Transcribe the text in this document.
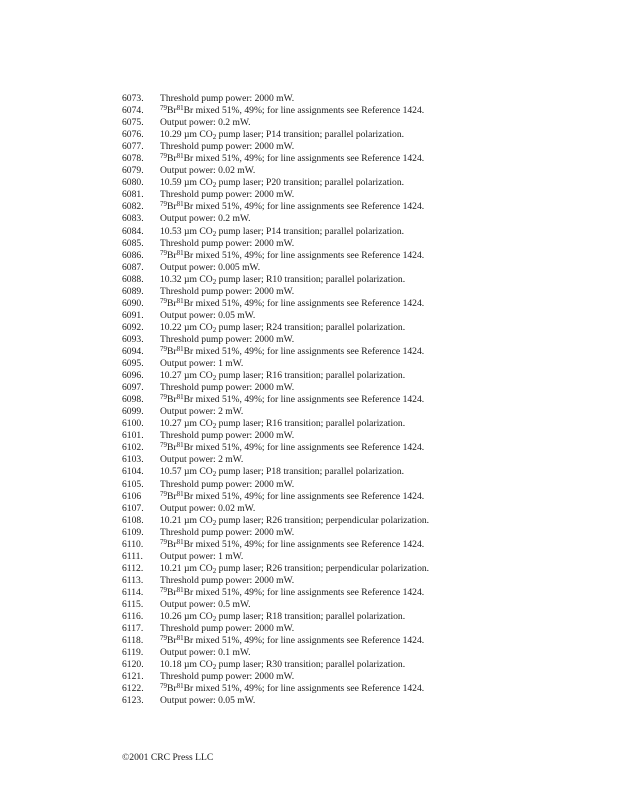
6073.	Threshold pump power: 2000 mW.
6074.	$^{79}$Br$^{81}$Br mixed 51%, 49%; for line assignments see Reference 1424.
6075.	Output power: 0.2 mW.
6076.	10.29 µm $CO_2$ pump laser; P14 transition; parallel polarization.
6077.	Threshold pump power: 2000 mW.
6078.	$^{79}$Br$^{81}$Br mixed 51%, 49%; for line assignments see Reference 1424.
6079.	Output power: 0.02 mW.
6080.	10.59 µm $CO_2$ pump laser; P20 transition; parallel polarization.
6081.	Threshold pump power: 2000 mW.
6082.	$^{79}$Br$^{81}$Br mixed 51%, 49%; for line assignments see Reference 1424.
6083.	Output power: 0.2 mW.
6084.	10.53 µm $CO_2$ pump laser; P14 transition; parallel polarization.
6085.	Threshold pump power: 2000 mW.
6086.	$^{79}$Br$^{81}$Br mixed 51%, 49%; for line assignments see Reference 1424.
6087.	Output power: 0.005 mW.
6088.	10.32 µm $CO_2$ pump laser; R10 transition; parallel polarization.
6089.	Threshold pump power: 2000 mW.
6090.	$^{79}$Br$^{81}$Br mixed 51%, 49%; for line assignments see Reference 1424.
6091.	Output power: 0.05 mW.
6092.	10.22 µm $CO_2$ pump laser; R24 transition; parallel polarization.
6093.	Threshold pump power: 2000 mW.
6094.	$^{79}$Br$^{81}$Br mixed 51%, 49%; for line assignments see Reference 1424.
6095.	Output power: 1 mW.
6096.	10.27 µm $CO_2$ pump laser; R16 transition; parallel polarization.
6097.	Threshold pump power: 2000 mW.
6098.	$^{79}$Br$^{81}$Br mixed 51%, 49%; for line assignments see Reference 1424.
6099.	Output power: 2 mW.
6100.	10.27 µm $CO_2$ pump laser; R16 transition; parallel polarization.
6101.	Threshold pump power: 2000 mW.
6102.	$^{79}$Br$^{81}$Br mixed 51%, 49%; for line assignments see Reference 1424.
6103.	Output power: 2 mW.
6104.	10.57 µm $CO_2$ pump laser; P18 transition; parallel polarization.
6105.	Threshold pump power: 2000 mW.
6106	$^{79}$Br$^{81}$Br mixed 51%, 49%; for line assignments see Reference 1424.
6107.	Output power: 0.02 mW.
6108.	10.21 µm $CO_2$ pump laser; R26 transition; perpendicular polarization.
6109.	Threshold pump power: 2000 mW.
6110.	$^{79}$Br$^{81}$Br mixed 51%, 49%; for line assignments see Reference 1424.
6111.	Output power: 1 mW.
6112.	10.21 µm $CO_2$ pump laser; R26 transition; perpendicular polarization.
6113.	Threshold pump power: 2000 mW.
6114.	$^{79}$Br$^{81}$Br mixed 51%, 49%; for line assignments see Reference 1424.
6115.	Output power: 0.5 mW.
6116.	10.26 µm $CO_2$ pump laser; R18 transition; parallel polarization.
6117.	Threshold pump power: 2000 mW.
6118.	$^{79}$Br$^{81}$Br mixed 51%, 49%; for line assignments see Reference 1424.
6119.	Output power: 0.1 mW.
6120.	10.18 µm $CO_2$ pump laser; R30 transition; parallel polarization.
6121.	Threshold pump power: 2000 mW.
6122.	$^{79}$Br$^{81}$Br mixed 51%, 49%; for line assignments see Reference 1424.
6123.	Output power: 0.05 mW.
©2001 CRC Press LLC
